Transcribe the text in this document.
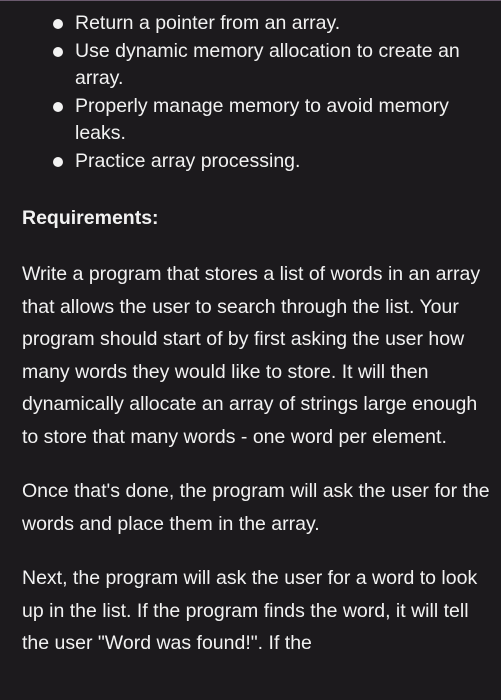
Return a pointer from an array.
Use dynamic memory allocation to create an array.
Properly manage memory to avoid memory leaks.
Practice array processing.
Requirements:

Write a program that stores a list of words in an array that allows the user to search through the list. Your program should start of by first asking the user how many words they would like to store. It will then dynamically allocate an array of strings large enough to store that many words - one word per element.

Once that's done, the program will ask the user for the words and place them in the array.

Next, the program will ask the user for a word to look up in the list. If the program finds the word, it will tell the user "Word was found!". If the
